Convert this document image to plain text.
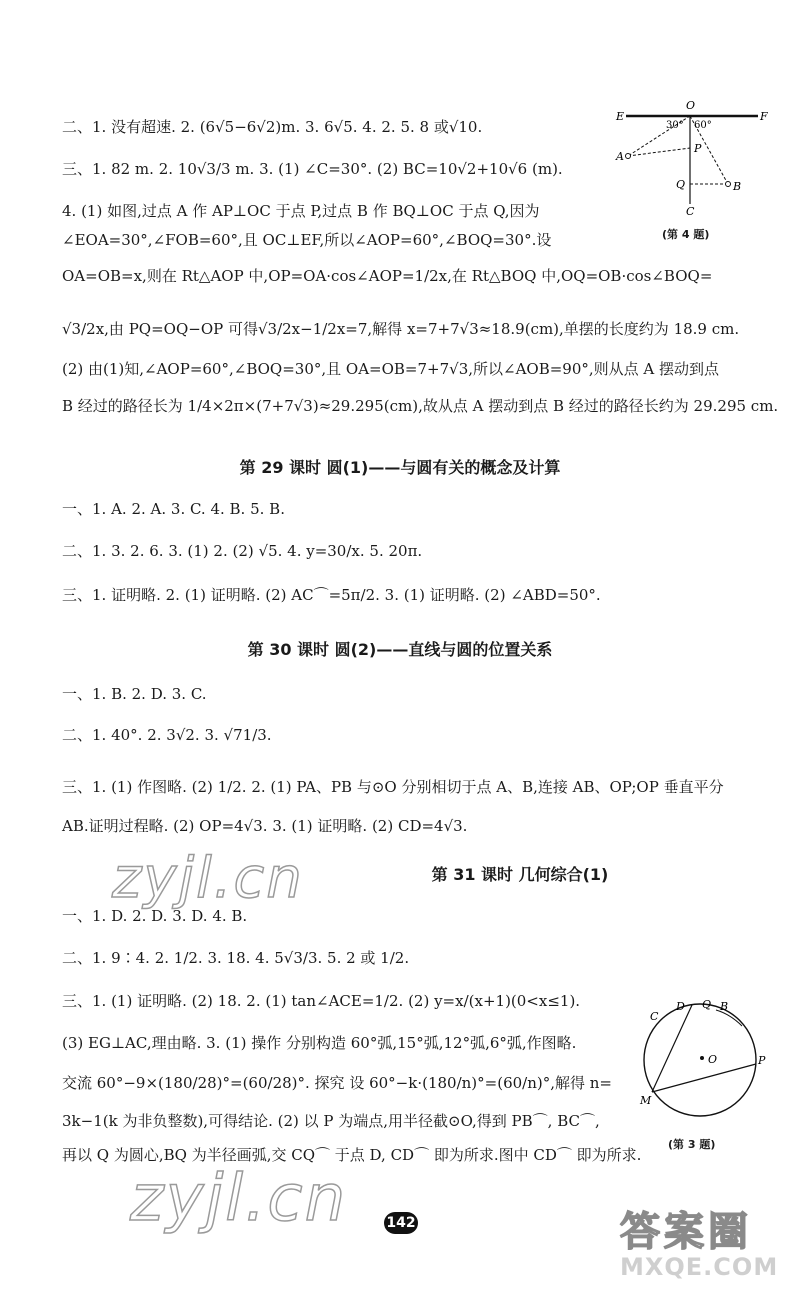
二、1. 没有超速. 2. (6√5−6√2)m. 3. 6√5. 4. 2. 5. 8 或√10.
三、1. 82 m. 2. 10√3/3 m. 3. (1) ∠C=30°. (2) BC=10√2+10√6 (m).
4. (1) 如图,过点 A 作 AP⊥OC 于点 P,过点 B 作 BQ⊥OC 于点 Q,因为
∠EOA=30°,∠FOB=60°,且 OC⊥EF,所以∠AOP=60°,∠BOQ=30°.设
OA=OB=x,则在 Rt△AOP 中,OP=OA·cos∠AOP=1/2x,在 Rt△BOQ 中,OQ=OB·cos∠BOQ=
√3/2x,由 PQ=OQ−OP 可得√3/2x−1/2x=7,解得 x=7+7√3≈18.9(cm),单摆的长度约为 18.9 cm.
(2) 由(1)知,∠AOP=60°,∠BOQ=30°,且 OA=OB=7+7√3,所以∠AOB=90°,则从点 A 摆动到点
B 经过的路径长为 1/4×2π×(7+7√3)≈29.295(cm),故从点 A 摆动到点 B 经过的路径长约为 29.295 cm.
E
O
F
30° 60°
A
P
Q	B
C
(第 4 题)
第 29 课时 圆(1)——与圆有关的概念及计算
一、1. A. 2. A. 3. C. 4. B. 5. B.
二、1. 3. 2. 6. 3. (1) 2. (2) √5. 4. y=30/x. 5. 20π.
三、1. 证明略. 2. (1) 证明略. (2) AC⌒=5π/2. 3. (1) 证明略. (2) ∠ABD=50°.
第 30 课时 圆(2)——直线与圆的位置关系
一、1. B. 2. D. 3. C.
二、1. 40°. 2. 3√2. 3. √71/3.
三、1. (1) 作图略. (2) 1/2. 2. (1) PA、PB 与⊙O 分别相切于点 A、B,连接 AB、OP;OP 垂直平分
AB.证明过程略. (2) OP=4√3. 3. (1) 证明略. (2) CD=4√3.
zyjl.cn	第 31 课时 几何综合(1)
一、1. D. 2. D. 3. D. 4. B.
二、1. 9∶4. 2. 1/2. 3. 18. 4. 5√3/3. 5. 2 或 1/2.
三、1. (1) 证明略. (2) 18. 2. (1) tan∠ACE=1/2. (2) y=x/(x+1)(0<x≤1).
(3) EG⊥AC,理由略. 3. (1) 操作 分别构造 60°弧,15°弧,12°弧,6°弧,作图略.
交流 60°−9×(180/28)°=(60/28)°. 探究 设 60°−k·(180/n)°=(60/n)°,解得 n=
3k−1(k 为非负整数),可得结论. (2) 以 P 为端点,用半径截⊙O,得到 PB⌒, BC⌒,
再以 Q 为圆心,BQ 为半径画弧,交 CQ⌒ 于点 D, CD⌒ 即为所求.图中 CD⌒ 即为所求.
C
D Q B
O	P
M
(第 3 题)
zyjl.cn	142	答案圈
MXQE.COM
